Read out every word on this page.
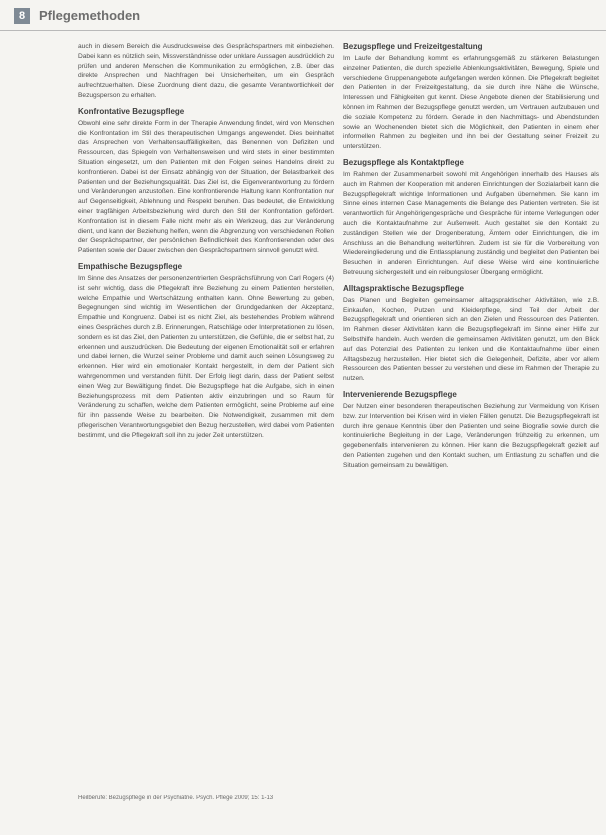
8	Pflegemethoden

auch in diesem Bereich die Ausdrucksweise des Gesprächspartners mit einbeziehen. Dabei kann es nützlich sein, Missverständnisse oder unklare Aussagen ausdrücklich zu prüfen und anderen Menschen die Kommunikation zu ermöglichen, z.B. über das direkte Ansprechen und Nachfragen bei Unsicherheiten, um ein Gespräch aufrechtzuerhalten. Diese Zuordnung dient dazu, die gesamte Verantwortlichkeit der Bezugsperson zu erhalten.

Konfrontative Bezugspflege

Obwohl eine sehr direkte Form in der Therapie Anwendung findet, wird von Menschen die Konfrontation im Stil des therapeutischen Umgangs angewendet. Dies beinhaltet das Ansprechen von Verhaltensauffälligkeiten, das Benennen von Defiziten und Ressourcen, das Spiegeln von Verhaltensweisen und wird stets in einer bestimmten Situation eingesetzt, um den Patienten mit den Folgen seines Handelns direkt zu konfrontieren. Dabei ist der Einsatz abhängig von der Situation, der Belastbarkeit des Patienten und der Beziehungsqualität. Das Ziel ist, die Eigenverantwortung zu fördern und Veränderungen anzustoßen. Eine konfrontierende Haltung kann Konfrontation nur auf Gegenseitigkeit, Ablehnung und Respekt beruhen. Das bedeutet, die Entwicklung einer tragfähigen Arbeitsbeziehung wird durch den Stil der Konfrontation gefördert. Konfrontation ist in diesem Falle nicht mehr als ein Werkzeug, das zur Veränderung dient, und kann der Beziehung helfen, wenn die Abgrenzung von verschiedenen Rollen der Gesprächspartner, der persönlichen Befindlichkeit des Konfrontierenden oder des Patienten sowie der Dauer zwischen den Gesprächspartnern sinnvoll genutzt wird.

Empathische Bezugspflege

Im Sinne des Ansatzes der personenzentrierten Gesprächsführung von Carl Rogers (4) ist sehr wichtig, dass die Pflegekraft ihre Beziehung zu einem Patienten herstellen, welche Empathie und Wertschätzung enthalten kann. Ohne Bewertung zu geben, Begegnungen sind wichtig im Wesentlichen der Grundgedanken der Akzeptanz, Empathie und Kongruenz. Dabei ist es nicht Ziel, als bestehendes Problem während eines Gespräches durch z.B. Erinnerungen, Ratschläge oder Interpretationen zu lösen, sondern es ist das Ziel, den Patienten zu unterstützen, die Gefühle, die er selbst hat, zu erkennen und auszudrücken. Die Bedeutung der eigenen Emotionalität soll er erfahren und dabei lernen, die Wurzel seiner Probleme und damit auch seinen Lösungsweg zu erkennen. Hier wird ein emotionaler Kontakt hergestellt, in dem der Patient sich wahrgenommen und verstanden fühlt. Der Erfolg liegt darin, dass der Patient selbst einen Weg zur Bewältigung findet. Die Bezugspflege hat die Aufgabe, sich in einen Beziehungsprozess mit dem Patienten aktiv einzubringen und so Raum für Veränderung zu schaffen, welche dem Patienten ermöglicht, seine Probleme auf eine für ihn passende Weise zu bearbeiten. Die Notwendigkeit, zusammen mit dem pflegerischen Verantwortungsgebiet den Bezug herzustellen, wird dabei vom Patienten bestimmt, und die Pflegekraft soll ihn zu jeder Zeit unterstützen.

Bezugspflege und Freizeitgestaltung

Im Laufe der Behandlung kommt es erfahrungsgemäß zu stärkeren Belastungen einzelner Patienten, die durch spezielle Ablenkungsaktivitäten, Bewegung, Spiele und verschiedene Gruppenangebote aufgefangen werden können. Die Pflegekraft begleitet den Patienten in der Freizeitgestaltung, da sie durch ihre Nähe die Wünsche, Interessen und Fähigkeiten gut kennt. Diese Angebote dienen der Stabilisierung und können im Rahmen der Bezugspflege genutzt werden, um Vertrauen aufzubauen und die soziale Kompetenz zu fördern. Gerade in den Nachmittags- und Abendstunden sowie an Wochenenden bietet sich die Möglichkeit, den Patienten in einem eher informellen Rahmen zu begleiten und ihn bei der Gestaltung seiner Freizeit zu unterstützen.

Bezugspflege als Kontaktpflege

Im Rahmen der Zusammenarbeit sowohl mit Angehörigen innerhalb des Hauses als auch im Rahmen der Kooperation mit anderen Einrichtungen der Sozialarbeit kann die Bezugspflegekraft wichtige Informationen und Aufgaben übernehmen. Sie kann im Sinne eines internen Case Managements die Belange des Patienten vertreten. Sie ist verantwortlich für Angehörigengespräche und Gespräche für interne Verlegungen oder auch die Kontaktaufnahme zur Außenwelt. Auch gestaltet sie den Kontakt zu zuständigen Stellen wie der Drogenberatung, Ämtern oder Einrichtungen, die im Anschluss an die Behandlung weiterführen. Zudem ist sie für die Vorbereitung von Wiedereingliederung und die Entlassplanung zuständig und begleitet den Patienten bei Besuchen in anderen Einrichtungen. Auf diese Weise wird eine kontinuierliche Betreuung sichergestellt und ein reibungsloser Übergang ermöglicht.

Alltagspraktische Bezugspflege

Das Planen und Begleiten gemeinsamer alltagspraktischer Aktivitäten, wie z.B. Einkaufen, Kochen, Putzen und Kleiderpflege, sind Teil der Arbeit der Bezugspflegekraft und orientieren sich an den Zielen und Ressourcen des Patienten. Im Rahmen dieser Aktivitäten kann die Bezugspflegekraft im Sinne einer Hilfe zur Selbsthilfe handeln. Auch werden die gemeinsamen Aktivitäten genutzt, um den Blick auf das Potenzial des Patienten zu lenken und die Kontaktaufnahme über einen Alltagsbezug herzustellen. Hier bietet sich die Gelegenheit, Defizite, aber vor allem Ressourcen des Patienten besser zu verstehen und diese im Rahmen der Therapie zu nutzen.

Intervenierende Bezugspflege

Der Nutzen einer besonderen therapeutischen Beziehung zur Vermeidung von Krisen bzw. zur Intervention bei Krisen wird in vielen Fällen genutzt. Die Bezugspflegekraft ist durch ihre genaue Kenntnis über den Patienten und seine Biografie sowie durch die kontinuierliche Begleitung in der Lage, Veränderungen frühzeitig zu erkennen, um gegebenenfalls intervenieren zu können. Hier kann die Bezugspflegekraft gezielt auf den Patienten zugehen und den Kontakt suchen, um Entlastung zu schaffen und die Situation gemeinsam zu bewältigen.

Heilberufe: Bezugspflege in der Psychiatrie. Psych. Pflege 2009; 15: 1-13
